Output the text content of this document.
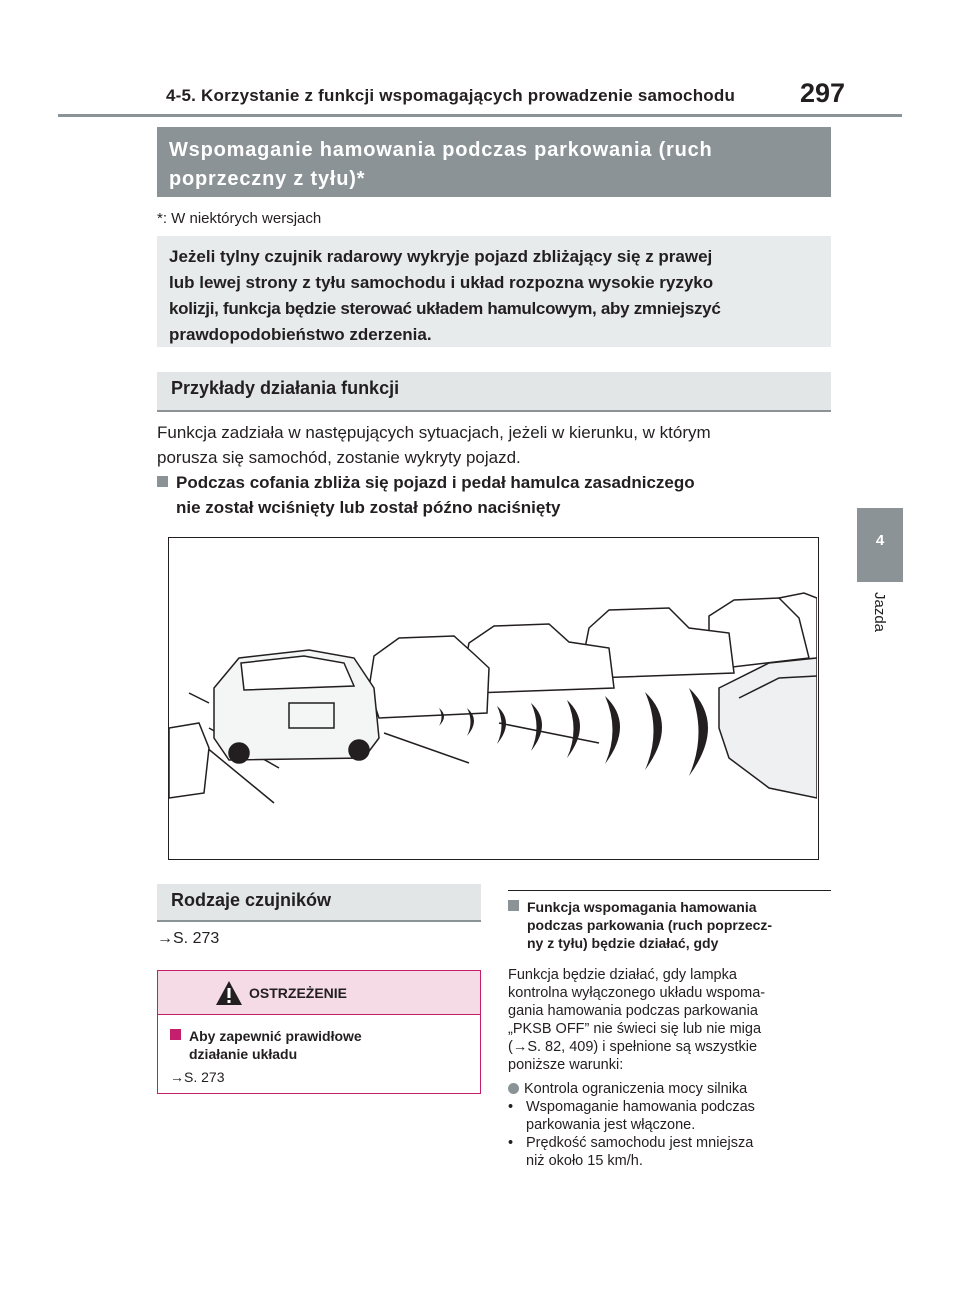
4-5. Korzystanie z funkcji wspomagających prowadzenie samochodu 297
4
Jazda
Wspomaganie hamowania podczas parkowania (ruch
poprzeczny z tyłu)*
*: W niektórych wersjach
Jeżeli tylny czujnik radarowy wykryje pojazd zbliżający się z prawej
lub lewej strony z tyłu samochodu i układ rozpozna wysokie ryzyko
kolizji, funkcja będzie sterować układem hamulcowym, aby zmniejszyć
prawdopodobieństwo zderzenia.
Przykłady działania funkcji
Funkcja zadziała w następujących sytuacjach, jeżeli w kierunku, w którym
porusza się samochód, zostanie wykryty pojazd.
Podczas cofania zbliża się pojazd i pedał hamulca zasadniczego
nie został wciśnięty lub został późno naciśnięty
Rodzaje czujników
→S. 273
OSTRZEŻENIE
Aby zapewnić prawidłowe
działanie układu
→S. 273
Funkcja wspomagania hamowania
podczas parkowania (ruch poprzecz-
ny z tyłu) będzie działać, gdy
Funkcja będzie działać, gdy lampka
kontrolna wyłączonego układu wspoma-
gania hamowania podczas parkowania
„PKSB OFF” nie świeci się lub nie miga
(→S. 82, 409) i spełnione są wszystkie
poniższe warunki:
Kontrola ograniczenia mocy silnika
• Wspomaganie hamowania podczas
parkowania jest włączone.
• Prędkość samochodu jest mniejsza
niż około 15 km/h.
